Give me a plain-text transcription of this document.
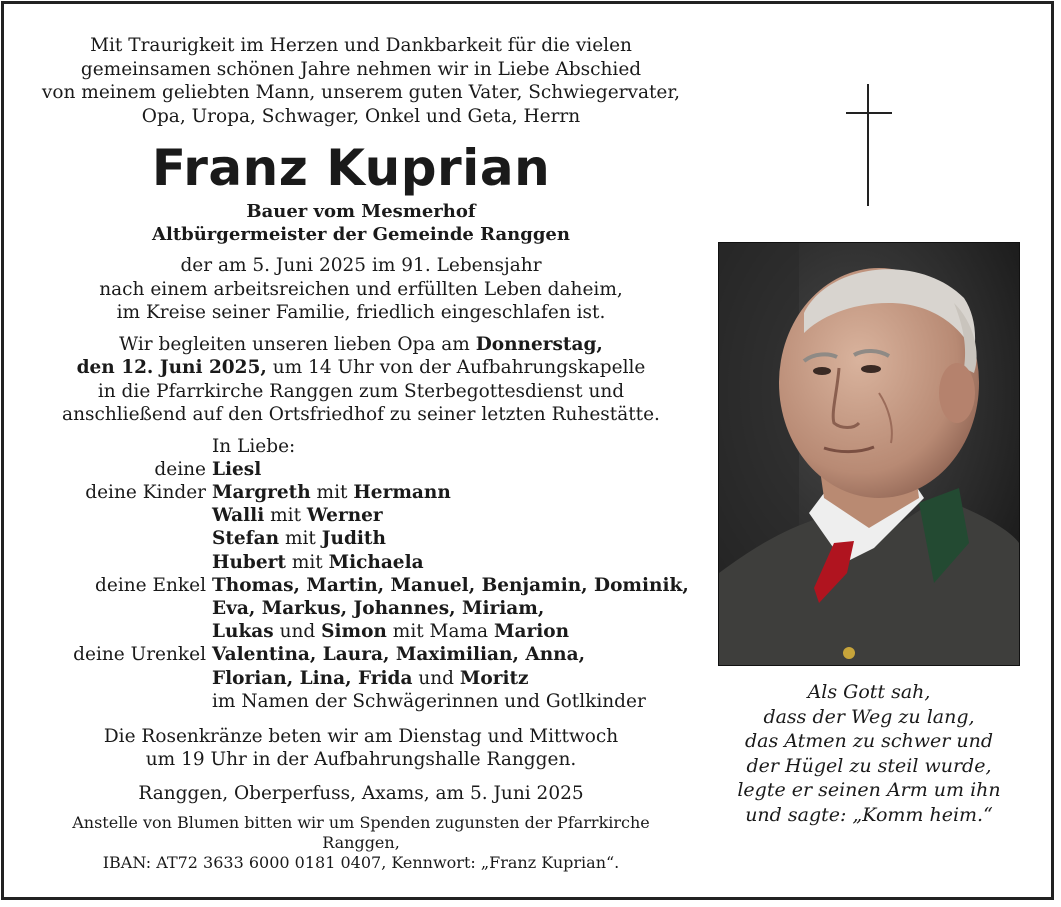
Mit Traurigkeit im Herzen und Dankbarkeit für die vielen
gemeinsamen schönen Jahre nehmen wir in Liebe Abschied
von meinem geliebten Mann, unserem guten Vater, Schwiegervater,
Opa, Uropa, Schwager, Onkel und Geta, Herrn

Franz Kuprian

Bauer vom Mesmerhof
Altbürgermeister der Gemeinde Ranggen

der am 5. Juni 2025 im 91. Lebensjahr
nach einem arbeitsreichen und erfüllten Leben daheim,
im Kreise seiner Familie, friedlich eingeschlafen ist.

Wir begleiten unseren lieben Opa am Donnerstag,
den 12. Juni 2025, um 14 Uhr von der Aufbahrungskapelle
in die Pfarrkirche Ranggen zum Sterbegottesdienst und
anschließend auf den Ortsfriedhof zu seiner letzten Ruhestätte.

In Liebe:
deine Liesl
deine Kinder Margreth mit Hermann
Walli mit Werner
Stefan mit Judith
Hubert mit Michaela
deine Enkel Thomas, Martin, Manuel, Benjamin, Dominik,
Eva, Markus, Johannes, Miriam,
Lukas und Simon mit Mama Marion
deine Urenkel Valentina, Laura, Maximilian, Anna,
Florian, Lina, Frida und Moritz
im Namen der Schwägerinnen und Gotlkinder

Die Rosenkränze beten wir am Dienstag und Mittwoch
um 19 Uhr in der Aufbahrungshalle Ranggen.

Ranggen, Oberperfuss, Axams, am 5. Juni 2025

Anstelle von Blumen bitten wir um Spenden zugunsten der Pfarrkirche Ranggen,
IBAN: AT72 3633 6000 0181 0407, Kennwort: „Franz Kuprian“.

Als Gott sah,
dass der Weg zu lang,
das Atmen zu schwer und
der Hügel zu steil wurde,
legte er seinen Arm um ihn
und sagte: „Komm heim.“
